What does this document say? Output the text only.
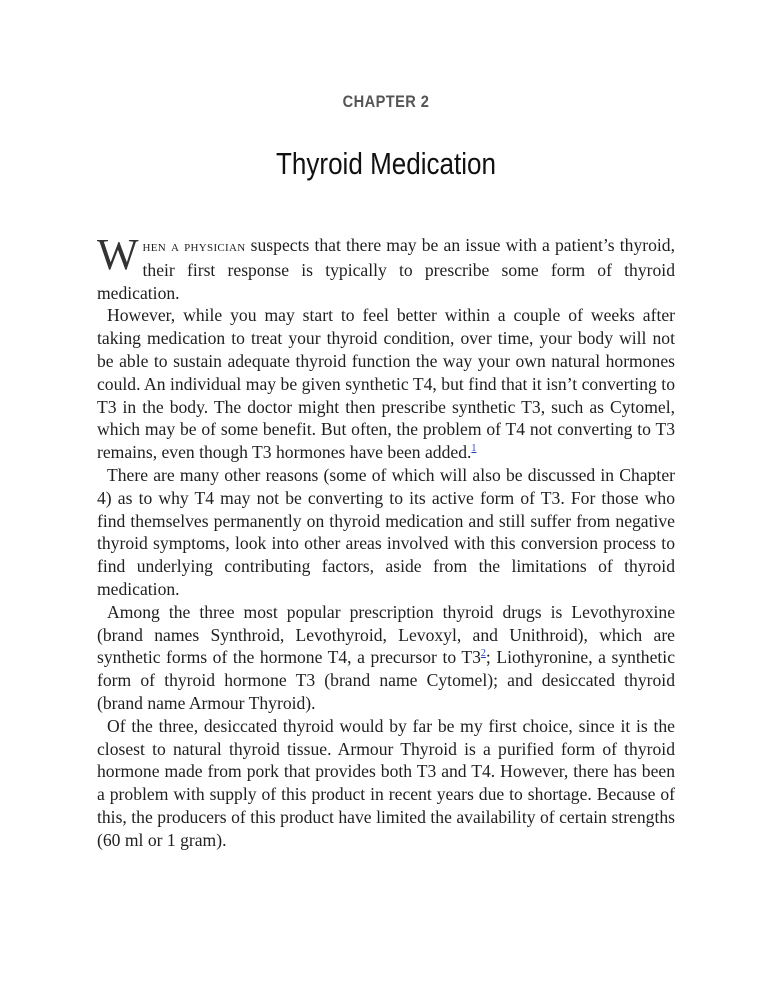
CHAPTER 2
Thyroid Medication

When a physician suspects that there may be an issue with a patient’s thyroid, their first response is typically to prescribe some form of thyroid medication.

However, while you may start to feel better within a couple of weeks after taking medication to treat your thyroid condition, over time, your body will not be able to sustain adequate thyroid function the way your own natural hormones could. An individual may be given synthetic T4, but find that it isn’t converting to T3 in the body. The doctor might then prescribe synthetic T3, such as Cytomel, which may be of some benefit. But often, the problem of T4 not converting to T3 remains, even though T3 hormones have been added.$^1$

There are many other reasons (some of which will also be discussed in Chapter 4) as to why T4 may not be converting to its active form of T3. For those who find themselves permanently on thyroid medication and still suffer from negative thyroid symptoms, look into other areas involved with this conversion process to find underlying contributing factors, aside from the limitations of thyroid medication.

Among the three most popular prescription thyroid drugs is Levothyroxine (brand names Synthroid, Levothyroid, Levoxyl, and Unithroid), which are synthetic forms of the hormone T4, a precursor to T3$^2$; Liothyronine, a synthetic form of thyroid hormone T3 (brand name Cytomel); and desiccated thyroid (brand name Armour Thyroid).

Of the three, desiccated thyroid would by far be my first choice, since it is the closest to natural thyroid tissue. Armour Thyroid is a purified form of thyroid hormone made from pork that provides both T3 and T4. However, there has been a problem with supply of this product in recent years due to shortage. Because of this, the producers of this product have limited the availability of certain strengths (60 ml or 1 gram).
